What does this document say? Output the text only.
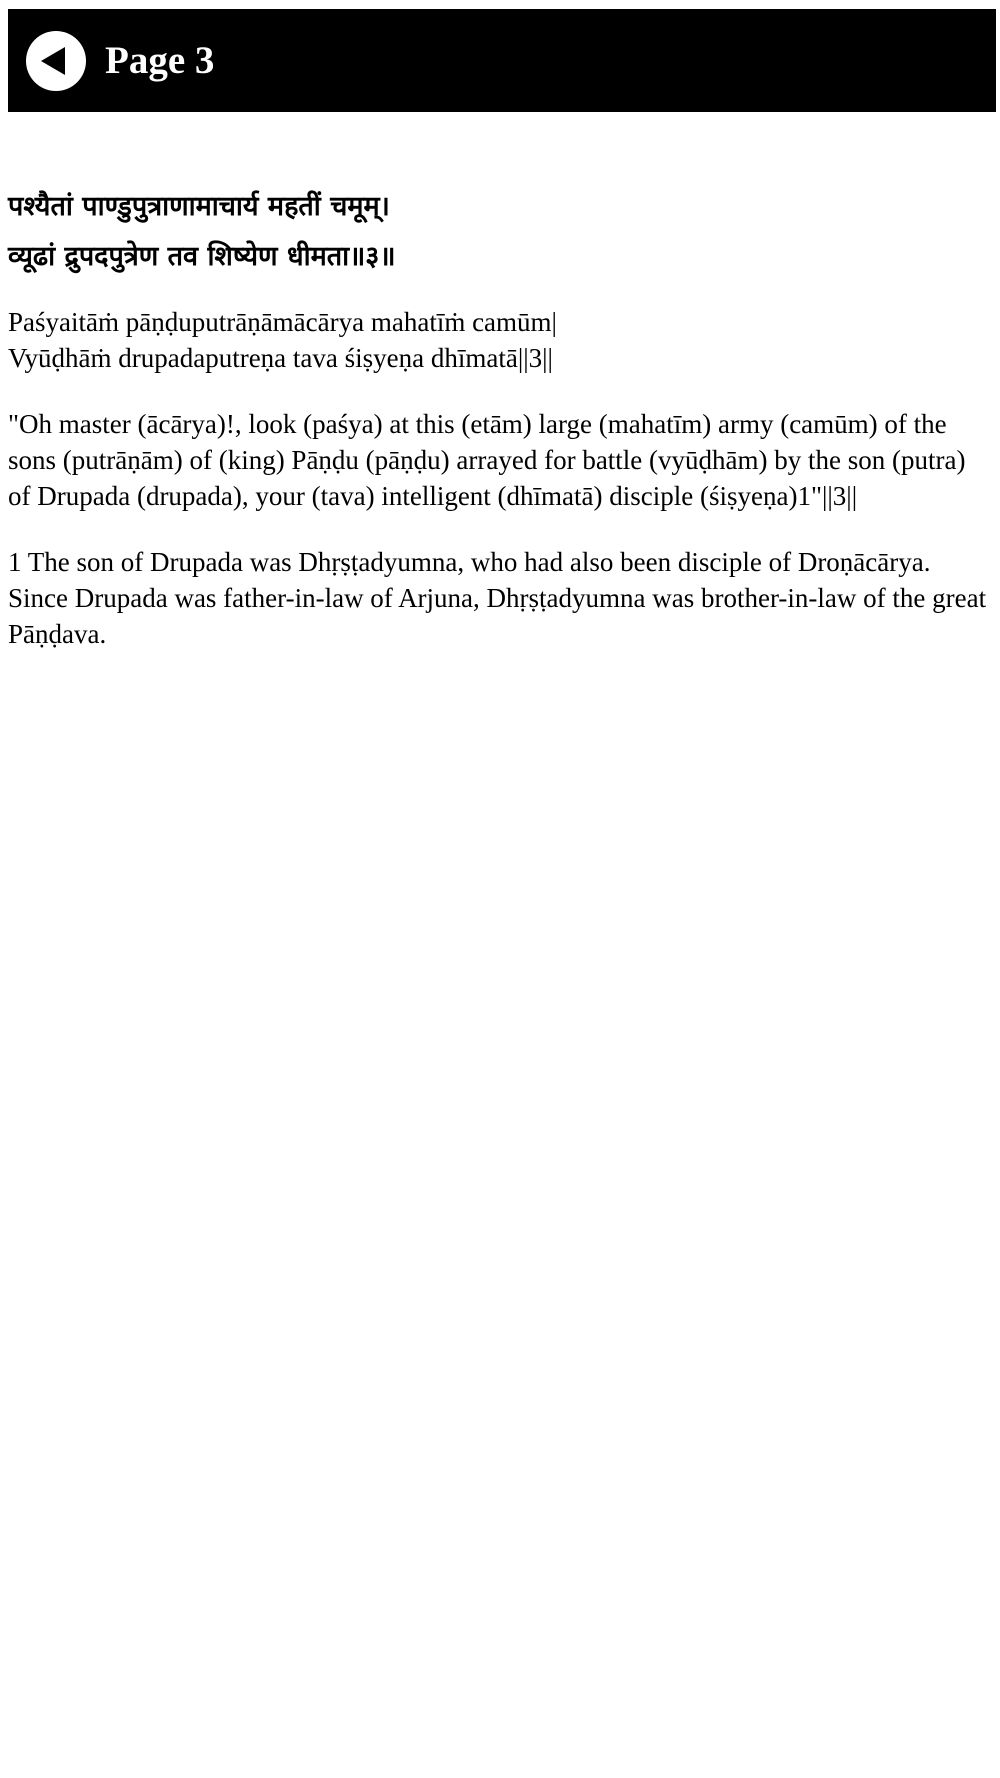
Page 3
पश्यैतां पाण्डुपुत्राणामाचार्य महतीं चमूम्।
व्यूढां द्रुपदपुत्रेण तव शिष्येण धीमता॥३॥
Paśyaitāṁ pāṇḍuputrāṇāmācārya mahatīṁ camūm|
Vyūḍhāṁ drupadaputreṇa tava śiṣyeṇa dhīmatā||3||

"Oh master (ācārya)!, look (paśya) at this (etām) large (mahatīm) army (camūm) of the sons (putrāṇām) of (king) Pāṇḍu (pāṇḍu) arrayed for battle (vyūḍhām) by the son (putra) of Drupada (drupada), your (tava) intelligent (dhīmatā) disciple (śiṣyeṇa)1"||3||

1 The son of Drupada was Dhṛṣṭadyumna, who had also been disciple of Droṇācārya. Since Drupada was father-in-law of Arjuna, Dhṛṣṭadyumna was brother-in-law of the great Pāṇḍava.
